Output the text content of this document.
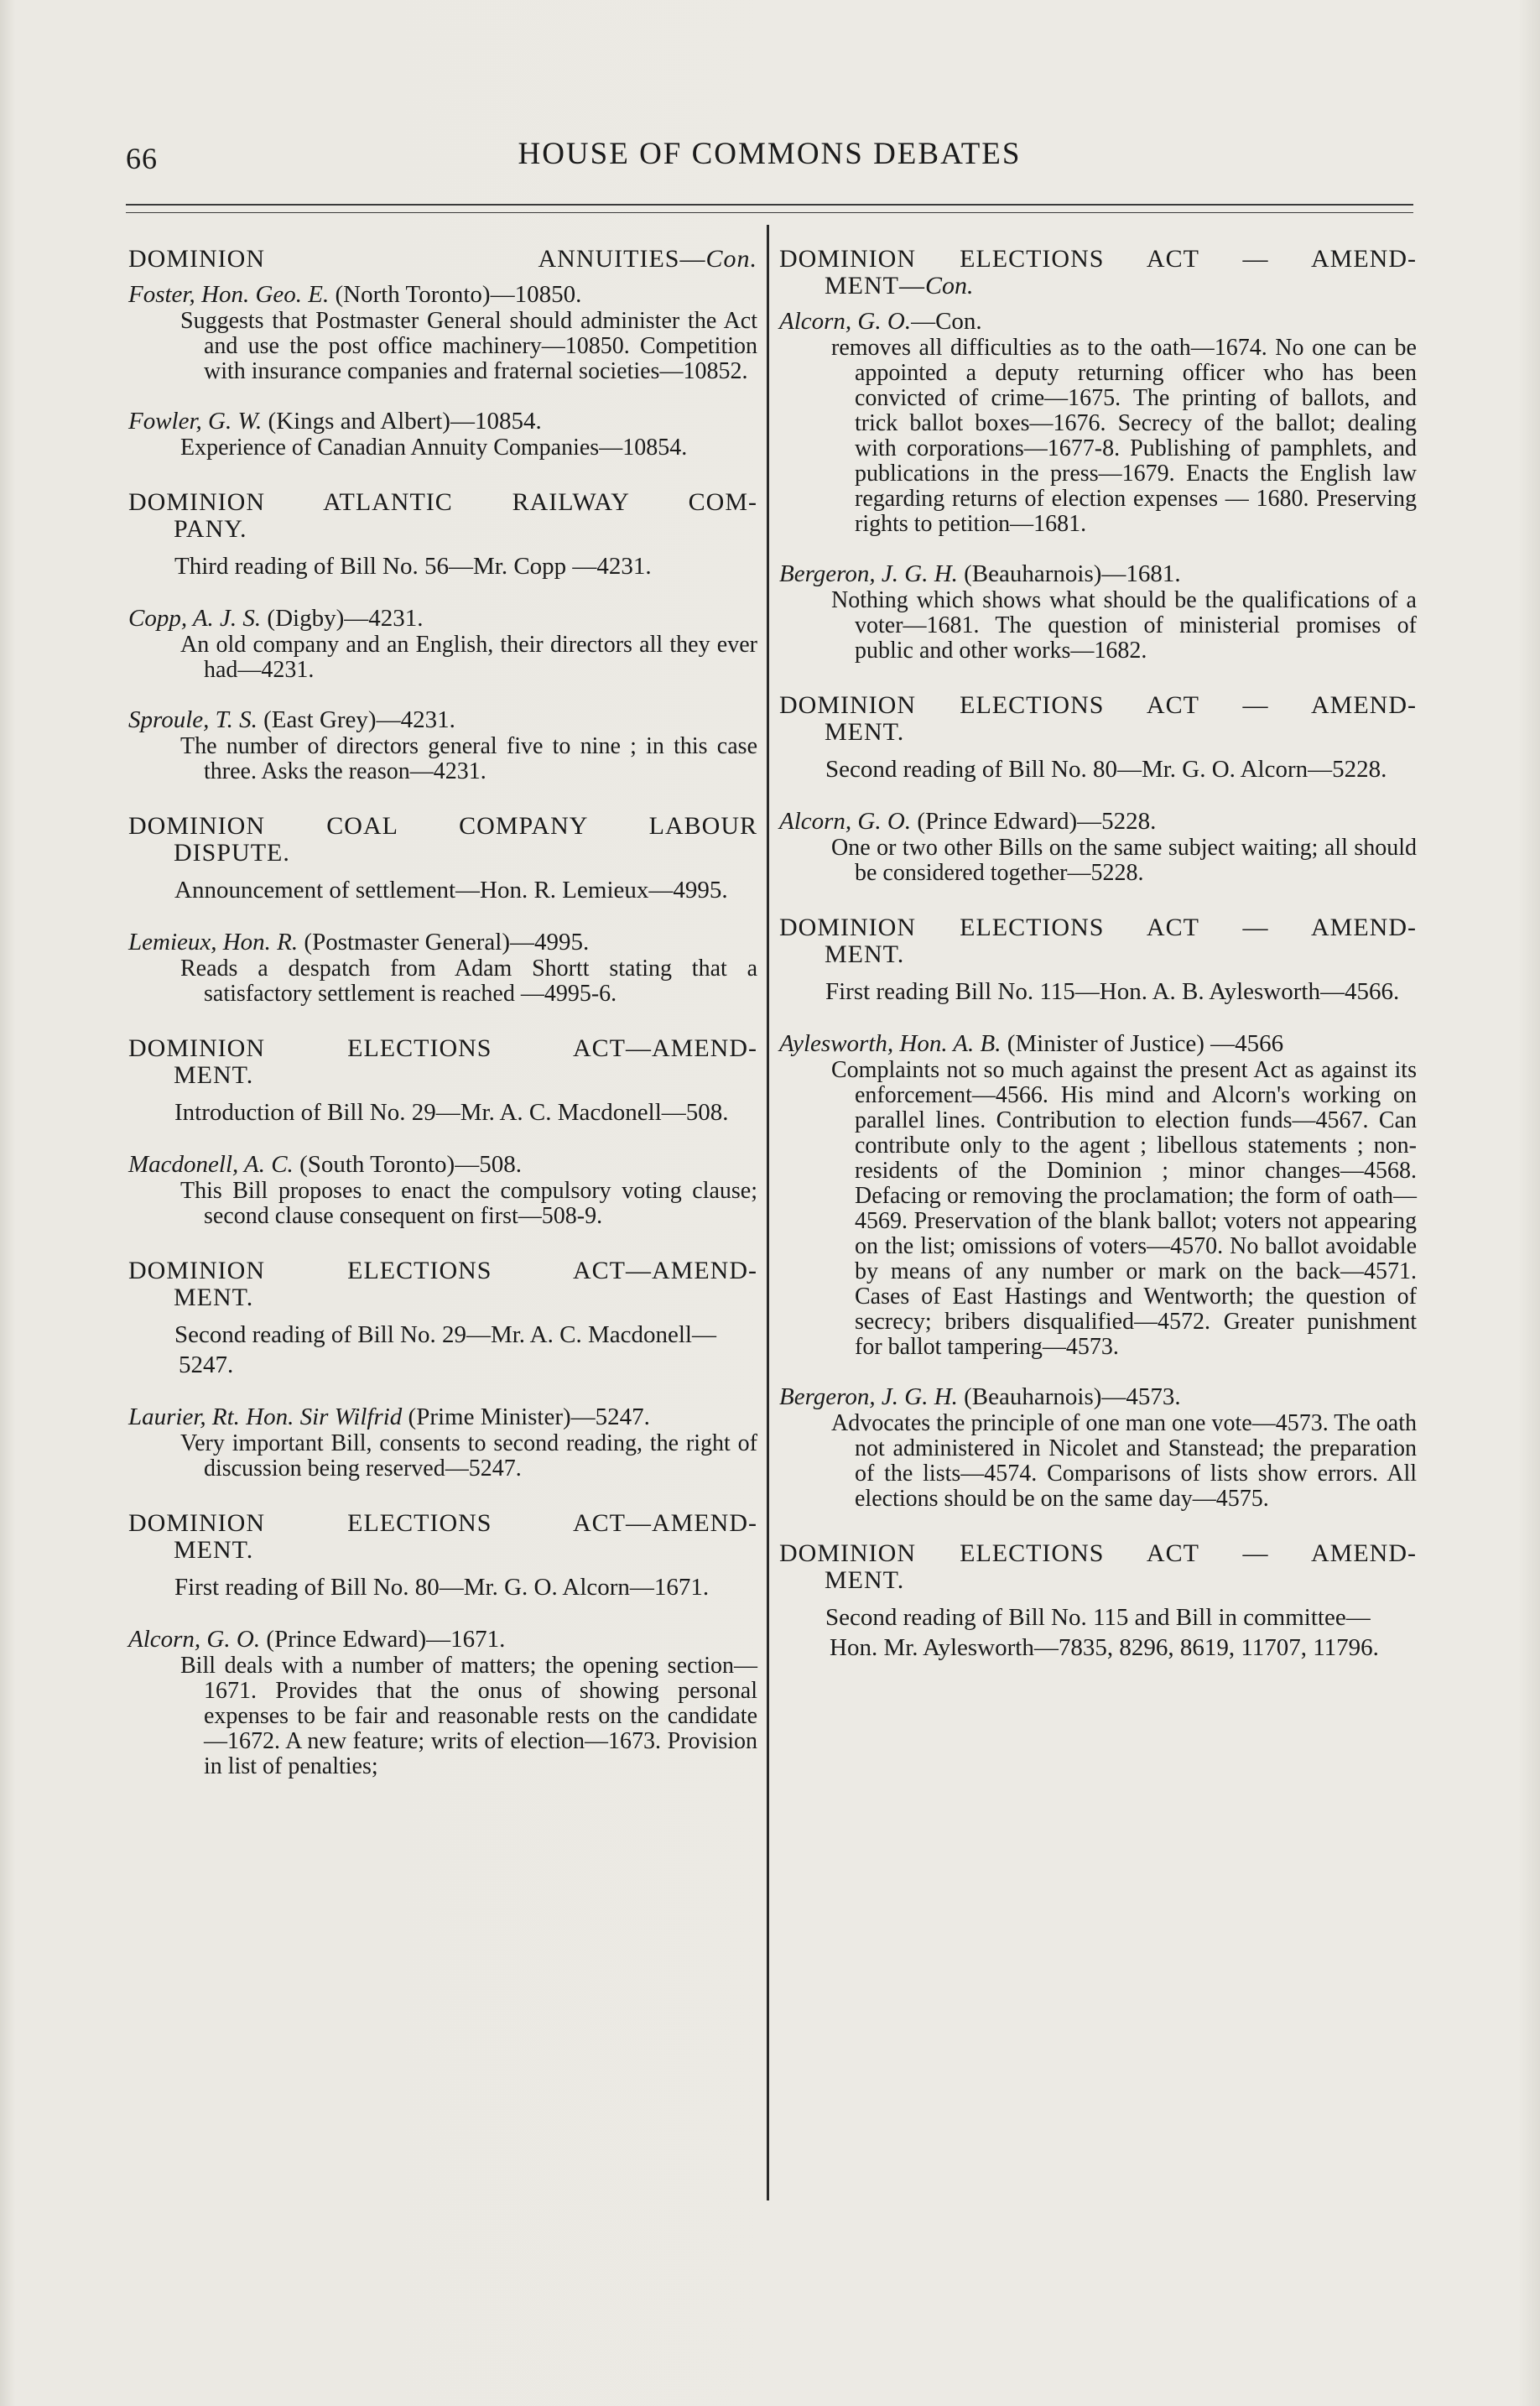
66	HOUSE OF COMMONS DEBATES
DOMINION ANNUITIES—Con.
Foster, Hon. Geo. E. (North Toronto)—10850.
Suggests that Postmaster General should administer the Act and use the post office machinery—10850. Competition with insurance companies and fraternal societies—10852.
Fowler, G. W. (Kings and Albert)—10854.
Experience of Canadian Annuity Companies—10854.
DOMINION ATLANTIC RAILWAY COM-
PANY.
Third reading of Bill No. 56—Mr. Copp —4231.
Copp, A. J. S. (Digby)—4231.
An old company and an English, their directors all they ever had—4231.
Sproule, T. S. (East Grey)—4231.
The number of directors general five to nine ; in this case three. Asks the reason—4231.
DOMINION COAL COMPANY LABOUR
DISPUTE.
Announcement of settlement—Hon. R. Lemieux—4995.
Lemieux, Hon. R. (Postmaster General)—4995.
Reads a despatch from Adam Shortt stating that a satisfactory settlement is reached —4995-6.
DOMINION ELECTIONS ACT—AMEND-
MENT.
Introduction of Bill No. 29—Mr. A. C. Macdonell—508.
Macdonell, A. C. (South Toronto)—508.
This Bill proposes to enact the compulsory voting clause; second clause consequent on first—508-9.
DOMINION ELECTIONS ACT—AMEND-
MENT.
Second reading of Bill No. 29—Mr. A. C. Macdonell—5247.
Laurier, Rt. Hon. Sir Wilfrid (Prime Minister)—5247.
Very important Bill, consents to second reading, the right of discussion being reserved—5247.
DOMINION ELECTIONS ACT—AMEND-
MENT.
First reading of Bill No. 80—Mr. G. O. Alcorn—1671.
Alcorn, G. O. (Prince Edward)—1671.
Bill deals with a number of matters; the opening section—1671. Provides that the onus of showing personal expenses to be fair and reasonable rests on the candidate—1672. A new feature; writs of election—1673. Provision in list of penalties;
DOMINION ELECTIONS ACT — AMEND-
MENT—Con.
Alcorn, G. O.—Con.
removes all difficulties as to the oath—1674. No one can be appointed a deputy returning officer who has been convicted of crime—1675. The printing of ballots, and trick ballot boxes—1676. Secrecy of the ballot; dealing with corporations—1677-8. Publishing of pamphlets, and publications in the press—1679. Enacts the English law regarding returns of election expenses — 1680. Preserving rights to petition—1681.
Bergeron, J. G. H. (Beauharnois)—1681.
Nothing which shows what should be the qualifications of a voter—1681. The question of ministerial promises of public and other works—1682.
DOMINION ELECTIONS ACT — AMEND-
MENT.
Second reading of Bill No. 80—Mr. G. O. Alcorn—5228.
Alcorn, G. O. (Prince Edward)—5228.
One or two other Bills on the same subject waiting; all should be considered together—5228.
DOMINION ELECTIONS ACT — AMEND-
MENT.
First reading Bill No. 115—Hon. A. B. Aylesworth—4566.
Aylesworth, Hon. A. B. (Minister of Justice) —4566
Complaints not so much against the present Act as against its enforcement—4566. His mind and Alcorn's working on parallel lines. Contribution to election funds—4567. Can contribute only to the agent ; libellous statements ; non-residents of the Dominion ; minor changes—4568. Defacing or removing the proclamation; the form of oath—4569. Preservation of the blank ballot; voters not appearing on the list; omissions of voters—4570. No ballot avoidable by means of any number or mark on the back—4571. Cases of East Hastings and Wentworth; the question of secrecy; bribers disqualified—4572. Greater punishment for ballot tampering—4573.
Bergeron, J. G. H. (Beauharnois)—4573.
Advocates the principle of one man one vote—4573. The oath not administered in Nicolet and Stanstead; the preparation of the lists—4574. Comparisons of lists show errors. All elections should be on the same day—4575.
DOMINION ELECTIONS ACT — AMEND-
MENT.
Second reading of Bill No. 115 and Bill in committee—Hon. Mr. Aylesworth—7835, 8296, 8619, 11707, 11796.
